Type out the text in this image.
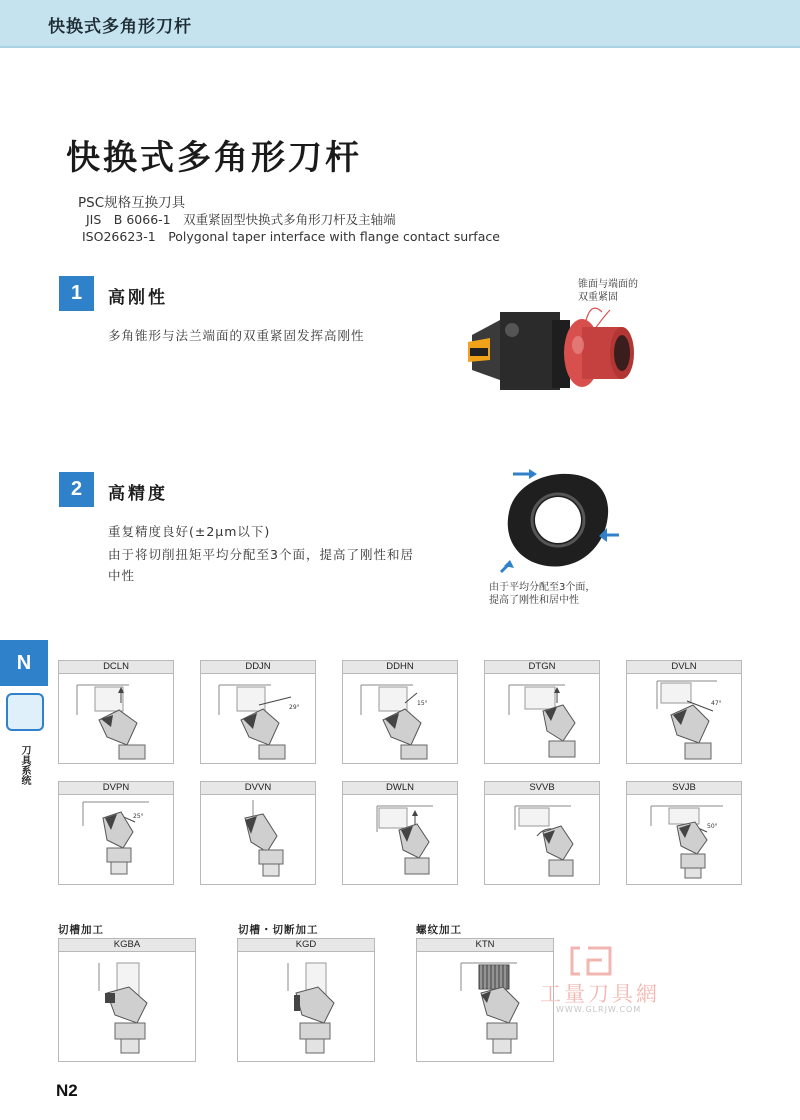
快换式多角形刀杆
快换式多角形刀杆
PSC规格互换刀具
JIS　B 6066-1　双重紧固型快换式多角形刀杆及主轴端
ISO26623-1　Polygonal taper interface with flange contact surface
1	高刚性
多角锥形与法兰端面的双重紧固发挥高刚性
锥面与端面的
双重紧固
2	高精度
重复精度良好(±2μm以下)
由于将切削扭矩平均分配至3个面，提高了刚性和居
中性
由于平均分配至3个面，
提高了刚性和居中性
N
刀具系统
DCLN	DDJN
29°
DDHN
15°
DTGN	DVLN
47°
DVPN
25°
DVVN	DWLN	SVVB	SVJB
50°
切槽加工	切槽・切断加工	螺纹加工
KGBA	KGD	KTN
工量刀具網
WWW.GLRJW.COM
N2
